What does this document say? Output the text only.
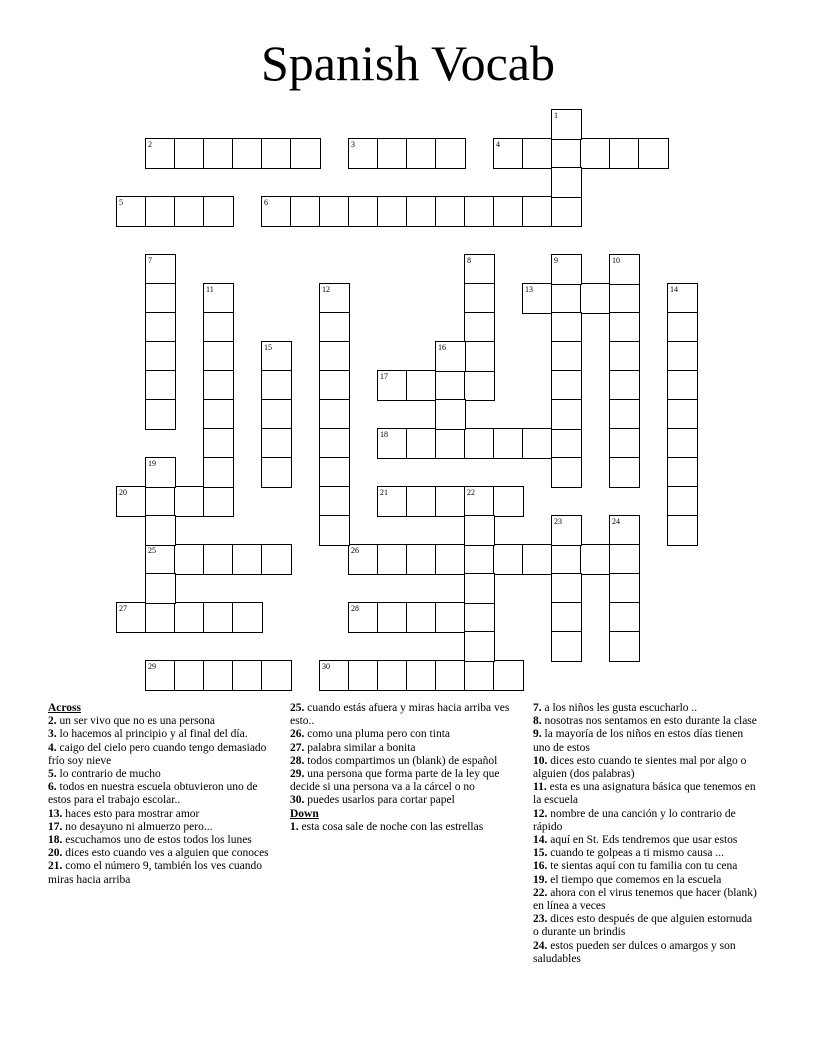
Spanish Vocab
2	3	4
5	6
13
17
18
20	21	22
25	26
27	28
29	30
1
7	8	9	10
11	12	14
15	16
19
23	24

Across

2. un ser vivo que no es una persona

3. lo hacemos al principio y al final del día.

4. caigo del cielo pero cuando tengo demasiado frío soy nieve

5. lo contrario de mucho

6. todos en nuestra escuela obtuvieron uno de estos para el trabajo escolar..

13. haces esto para mostrar amor

17. no desayuno ni almuerzo pero...

18. escuchamos uno de estos todos los lunes

20. dices esto cuando ves a alguien que conoces

21. como el número 9, también los ves cuando miras hacia arriba

25. cuando estás afuera y miras hacia arriba ves esto..

26. como una pluma pero con tinta

27. palabra similar a bonita

28. todos compartimos un (blank) de español

29. una persona que forma parte de la ley que decide si una persona va a la cárcel o no

30. puedes usarlos para cortar papel

Down

1. esta cosa sale de noche con las estrellas

7. a los niños les gusta escucharlo ..

8. nosotras nos sentamos en esto durante la clase

9. la mayoría de los niños en estos días tienen uno de estos

10. dices esto cuando te sientes mal por algo o alguien (dos palabras)

11. esta es una asignatura básica que tenemos en la escuela

12. nombre de una canción y lo contrario de rápido

14. aquí en St. Eds tendremos que usar estos

15. cuando te golpeas a ti mismo causa ...

16. te sientas aquí con tu familia con tu cena

19. el tiempo que comemos en la escuela

22. ahora con el virus tenemos que hacer (blank) en línea a veces

23. dices esto después de que alguien estornuda o durante un brindis

24. estos pueden ser dulces o amargos y son saludables
